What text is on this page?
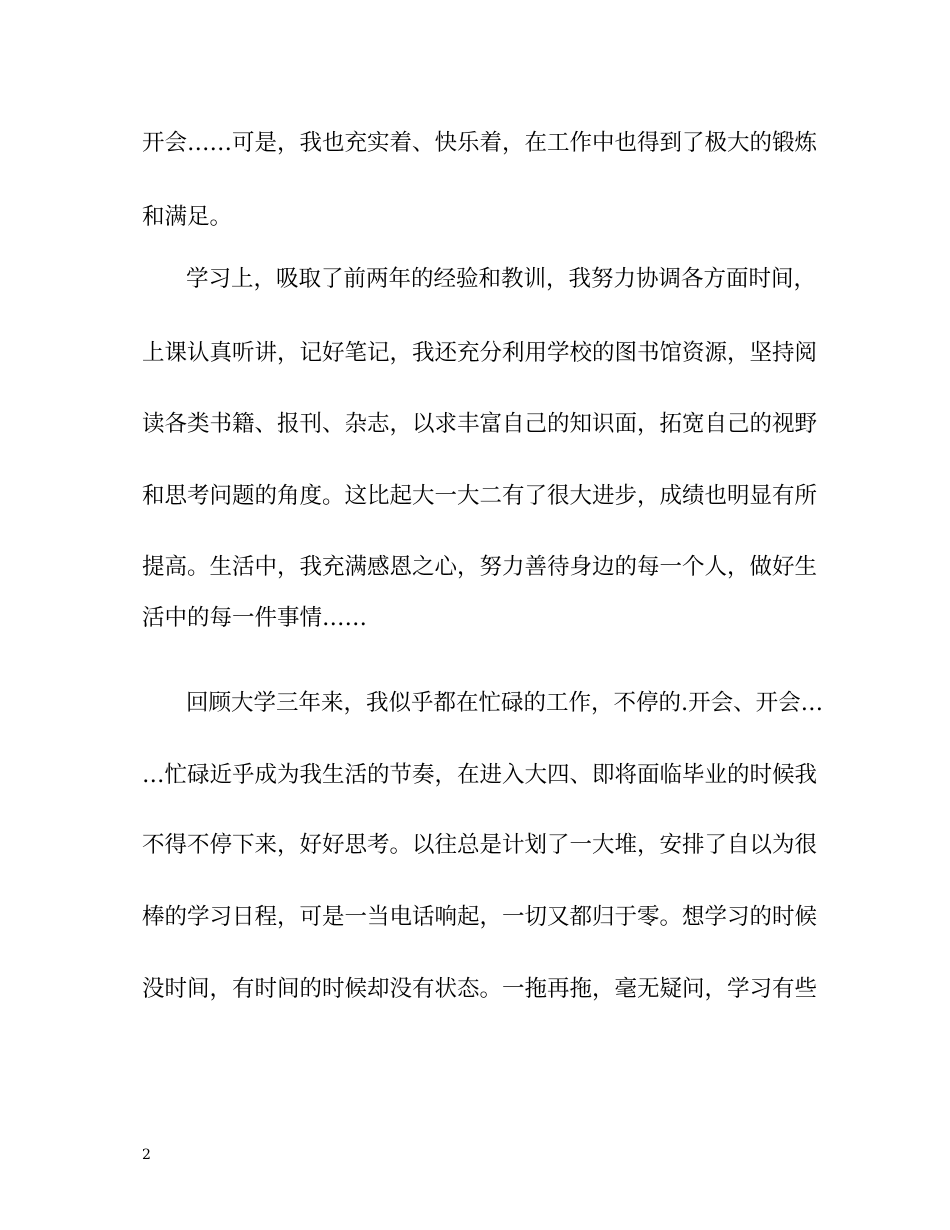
开会……可是，我也充实着、快乐着，在工作中也得到了极大的锻炼
和满足。
学习上，吸取了前两年的经验和教训，我努力协调各方面时间，
上课认真听讲，记好笔记，我还充分利用学校的图书馆资源，坚持阅
读各类书籍、报刊、杂志，以求丰富自己的知识面，拓宽自己的视野
和思考问题的角度。这比起大一大二有了很大进步，成绩也明显有所
提高。生活中，我充满感恩之心，努力善待身边的每一个人，做好生
活中的每一件事情……
回顾大学三年来，我似乎都在忙碌的工作，不停的.开会、开会…
…忙碌近乎成为我生活的节奏，在进入大四、即将面临毕业的时候我
不得不停下来，好好思考。以往总是计划了一大堆，安排了自以为很
棒的学习日程，可是一当电话响起，一切又都归于零。想学习的时候
没时间，有时间的时候却没有状态。一拖再拖，毫无疑问，学习有些
2
